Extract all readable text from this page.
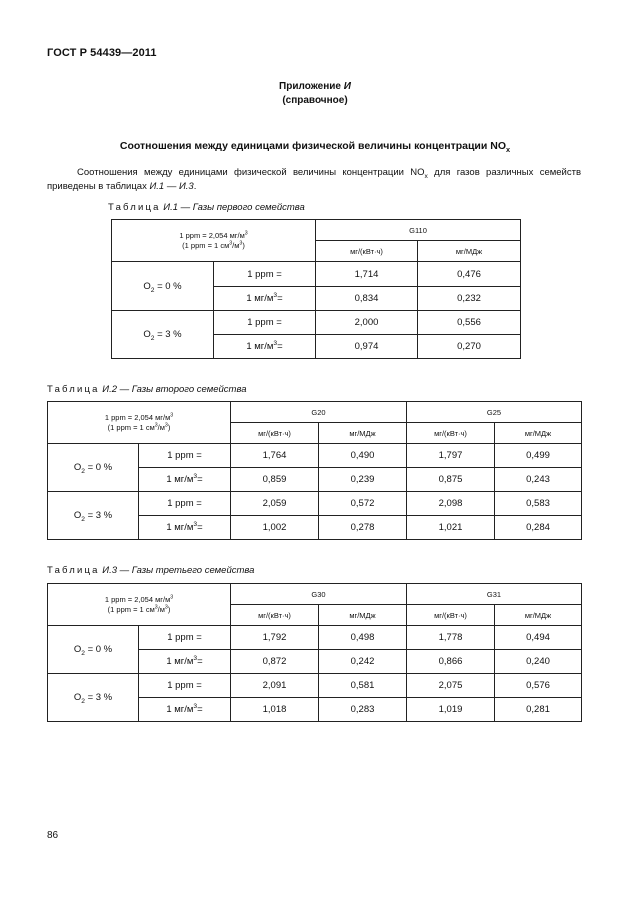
ГОСТ Р 54439—2011
Приложение И
(справочное)
Соотношения между единицами физической величины концентрации $NO_x$
Соотношения между единицами физической величины концентрации $NO_x$ для газов различных семейств приведены в таблицах И.1 — И.3.
Таблица И.1 — Газы первого семейства
1 ppm = 2,054 $мг/м^3$
(1 ppm = 1 $см^3/м^3$)		G110	
		мг/(кВт·ч)	мг/МДж
$O_2 = 0$ %	1 ppm =	1,714	0,476
	1 $мг/м^3=$	0,834	0,232
$O_2 = 3$ %	1 ppm =	2,000	0,556
	1 $мг/м^3=$	0,974	0,270
Таблица И.2 — Газы второго семейства
1 ppm = 2,054 $мг/м^3$
(1 ppm = 1 $см^3/м^3$)		G20		G25	
		мг/(кВт·ч)	мг/МДж	мг/(кВт·ч)	мг/МДж
$O_2 = 0$ %	1 ppm =	1,764	0,490	1,797	0,499
	1 $мг/м^3=$	0,859	0,239	0,875	0,243
$O_2 = 3$ %	1 ppm =	2,059	0,572	2,098	0,583
	1 $мг/м^3=$	1,002	0,278	1,021	0,284
Таблица И.3 — Газы третьего семейства
1 ppm = 2,054 $мг/м^3$
(1 ppm = 1 $см^3/м^3$)		G30		G31	
		мг/(кВт·ч)	мг/МДж	мг/(кВт·ч)	мг/МДж
$O_2 = 0$ %	1 ppm =	1,792	0,498	1,778	0,494
	1 $мг/м^3=$	0,872	0,242	0,866	0,240
$O_2 = 3$ %	1 ppm =	2,091	0,581	2,075	0,576
	1 $мг/м^3=$	1,018	0,283	1,019	0,281
86
